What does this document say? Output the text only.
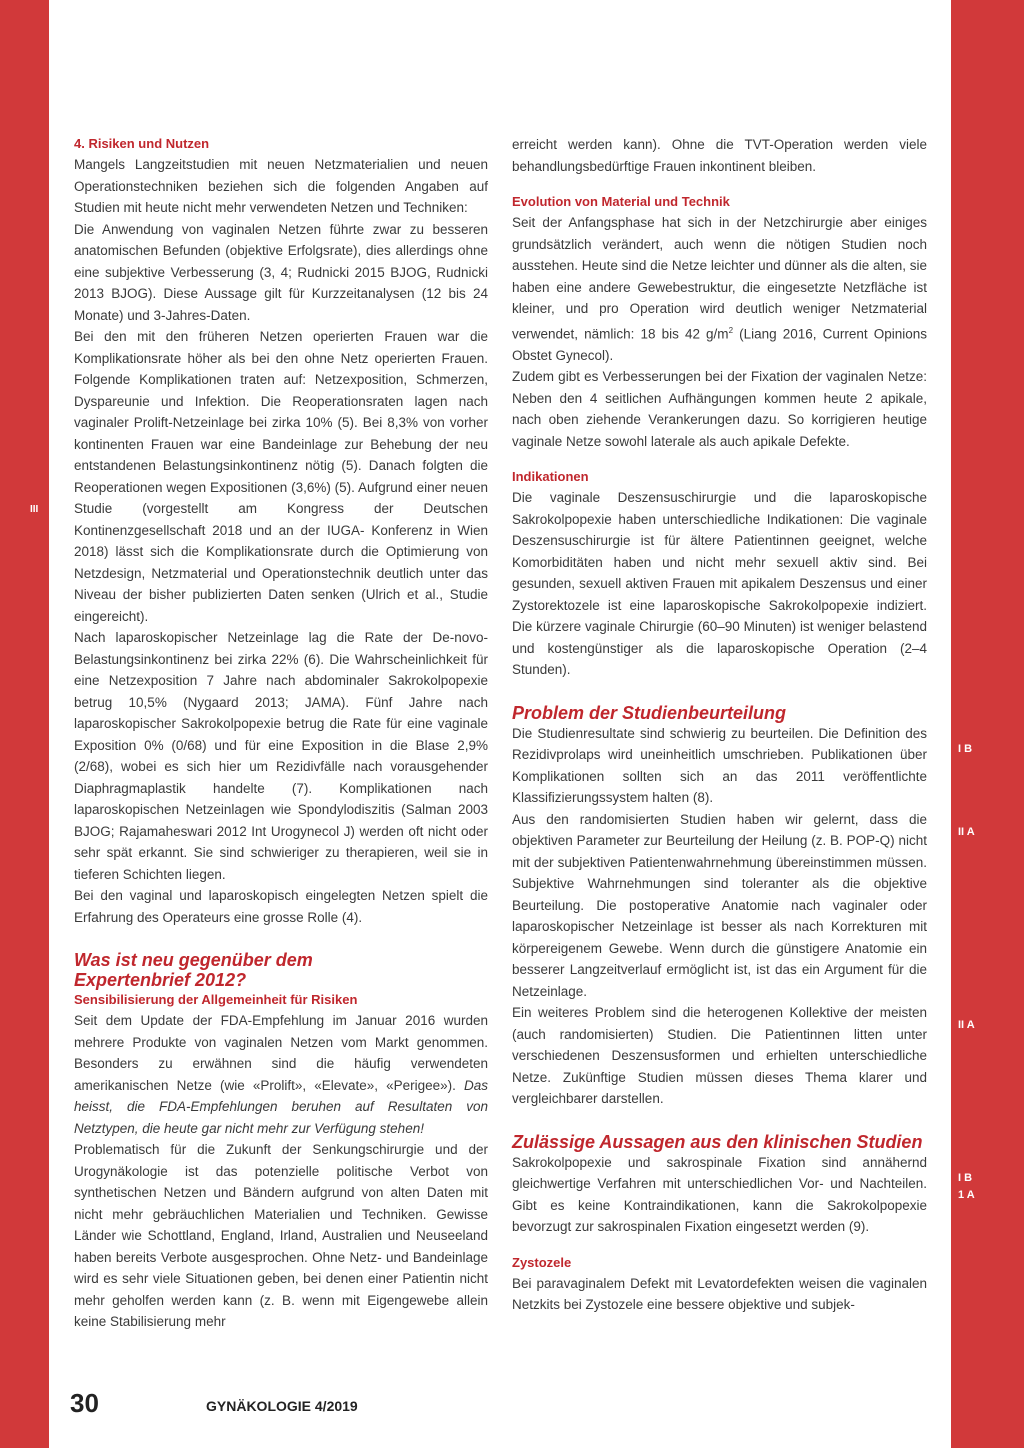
III
4. Risiken und Nutzen

Mangels Langzeitstudien mit neuen Netzmaterialien und neuen Operationstechniken beziehen sich die folgenden Angaben auf Studien mit heute nicht mehr verwendeten Netzen und Techniken:

Die Anwendung von vaginalen Netzen führte zwar zu besseren anatomischen Befunden (objektive Erfolgsrate), dies allerdings ohne eine subjektive Verbesserung (3, 4; Rudnicki 2015 BJOG, Rudnicki 2013 BJOG). Diese Aussage gilt für Kurzzeitanalysen (12 bis 24 Monate) und 3-Jahres-Daten.

Bei den mit den früheren Netzen operierten Frauen war die Komplikationsrate höher als bei den ohne Netz operierten Frauen. Folgende Komplikationen traten auf: Netzexposition, Schmerzen, Dyspareunie und Infektion. Die Reoperationsraten lagen nach vaginaler Prolift-Netzeinlage bei zirka 10% (5). Bei 8,3% von vorher kontinenten Frauen war eine Bandeinlage zur Behebung der neu entstandenen Belastungsinkontinenz nötig (5). Danach folgten die Reoperationen wegen Expositionen (3,6%) (5). Aufgrund einer neuen Studie (vorgestellt am Kongress der Deutschen Kontinenzgesellschaft 2018 und an der IUGA- Konferenz in Wien 2018) lässt sich die Komplikationsrate durch die Optimierung von Netzdesign, Netzmaterial und Operationstechnik deutlich unter das Niveau der bisher publizierten Daten senken (Ulrich et al., Studie eingereicht).

Nach laparoskopischer Netzeinlage lag die Rate der De-novo-Belastungsinkontinenz bei zirka 22% (6). Die Wahrscheinlichkeit für eine Netzexposition 7 Jahre nach abdominaler Sakrokolpopexie betrug 10,5% (Nygaard 2013; JAMA). Fünf Jahre nach laparoskopischer Sakrokolpopexie betrug die Rate für eine vaginale Exposition 0% (0/68) und für eine Exposition in die Blase 2,9% (2/68), wobei es sich hier um Rezidivfälle nach vorausgehender Diaphragmaplastik handelte (7). Komplikationen nach laparoskopischen Netzeinlagen wie Spondylodiszitis (Salman 2003 BJOG; Rajamaheswari 2012 Int Urogynecol J) werden oft nicht oder sehr spät erkannt. Sie sind schwieriger zu therapieren, weil sie in tieferen Schichten liegen.

Bei den vaginal und laparoskopisch eingelegten Netzen spielt die Erfahrung des Operateurs eine grosse Rolle (4).

Was ist neu gegenüber dem
Expertenbrief 2012?
Sensibilisierung der Allgemeinheit für Risiken

Seit dem Update der FDA-Empfehlung im Januar 2016 wurden mehrere Produkte von vaginalen Netzen vom Markt genommen. Besonders zu erwähnen sind die häufig verwendeten amerikanischen Netze (wie «Prolift», «Elevate», «Perigee»). Das heisst, die FDA-Empfehlungen beruhen auf Resultaten von Netztypen, die heute gar nicht mehr zur Verfügung stehen!

Problematisch für die Zukunft der Senkungschirurgie und der Urogynäkologie ist das potenzielle politische Verbot von synthetischen Netzen und Bändern aufgrund von alten Daten mit nicht mehr gebräuchlichen Materialien und Techniken. Gewisse Länder wie Schottland, England, Irland, Australien und Neuseeland haben bereits Verbote ausgesprochen. Ohne Netz- und Bandeinlage wird es sehr viele Situationen geben, bei denen einer Patientin nicht mehr geholfen werden kann (z. B. wenn mit Eigengewebe allein keine Stabilisierung mehr

erreicht werden kann). Ohne die TVT-Operation werden viele behandlungsbedürftige Frauen inkontinent bleiben.

Evolution von Material und Technik

Seit der Anfangsphase hat sich in der Netzchirurgie aber einiges grundsätzlich verändert, auch wenn die nötigen Studien noch ausstehen. Heute sind die Netze leichter und dünner als die alten, sie haben eine andere Gewebestruktur, die eingesetzte Netzfläche ist kleiner, und pro Operation wird deutlich weniger Netzmaterial verwendet, nämlich: 18 bis 42 $g/m^2$ (Liang 2016, Current Opinions Obstet Gynecol).

Zudem gibt es Verbesserungen bei der Fixation der vaginalen Netze: Neben den 4 seitlichen Aufhängungen kommen heute 2 apikale, nach oben ziehende Verankerungen dazu. So korrigieren heutige vaginale Netze sowohl laterale als auch apikale Defekte.

Indikationen

Die vaginale Deszensuschirurgie und die laparoskopische Sakrokolpopexie haben unterschiedliche Indikationen: Die vaginale Deszensuschirurgie ist für ältere Patientinnen geeignet, welche Komorbiditäten haben und nicht mehr sexuell aktiv sind. Bei gesunden, sexuell aktiven Frauen mit apikalem Deszensus und einer Zystorektozele ist eine laparoskopische Sakrokolpopexie indiziert. Die kürzere vaginale Chirurgie (60–90 Minuten) ist weniger belastend und kostengünstiger als die laparoskopische Operation (2–4 Stunden).

Problem der Studienbeurteilung

Die Studienresultate sind schwierig zu beurteilen. Die Definition des Rezidivprolaps wird uneinheitlich umschrieben. Publikationen über Komplikationen sollten sich an das 2011 veröffentlichte Klassifizierungssystem halten (8).

Aus den randomisierten Studien haben wir gelernt, dass die objektiven Parameter zur Beurteilung der Heilung (z. B. POP-Q) nicht mit der subjektiven Patientenwahrnehmung übereinstimmen müssen. Subjektive Wahrnehmungen sind toleranter als die objektive Beurteilung. Die postoperative Anatomie nach vaginaler oder laparoskopischer Netzeinlage ist besser als nach Korrekturen mit körpereigenem Gewebe. Wenn durch die günstigere Anatomie ein besserer Langzeitverlauf ermöglicht ist, ist das ein Argument für die Netzeinlage.

Ein weiteres Problem sind die heterogenen Kollektive der meisten (auch randomisierten) Studien. Die Patientinnen litten unter verschiedenen Deszensusformen und erhielten unterschiedliche Netze. Zukünftige Studien müssen dieses Thema klarer und vergleichbarer darstellen.

Zulässige Aussagen aus den klinischen Studien

Sakrokolpopexie und sakrospinale Fixation sind annähernd gleichwertige Verfahren mit unterschiedlichen Vor- und Nachteilen. Gibt es keine Kontraindikationen, kann die Sakrokolpopexie bevorzugt zur sakrospinalen Fixation eingesetzt werden (9).

Zystozele

Bei paravaginalem Defekt mit Levatordefekten weisen die vaginalen Netzkits bei Zystozele eine bessere objektive und subjek-

I B
II A
II A
I B
1 A
30	GYNÄKOLOGIE 4/2019
